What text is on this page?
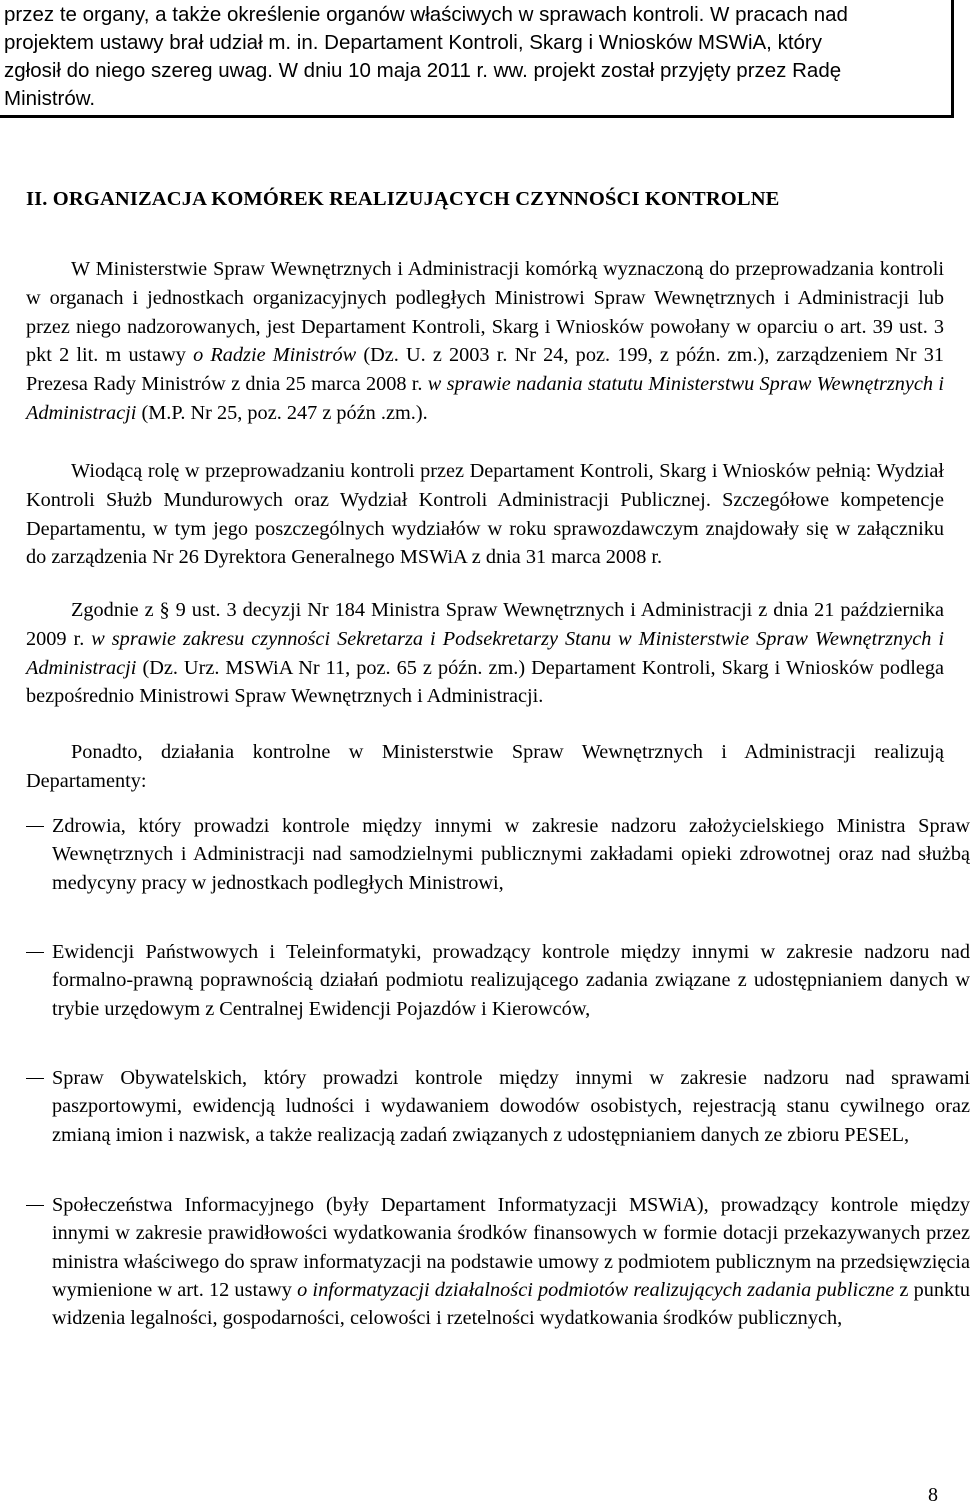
przez te organy, a także określenie organów właściwych w sprawach kontroli. W pracach nad
projektem ustawy brał udział m. in. Departament Kontroli, Skarg i Wniosków MSWiA, który
zgłosił do niego szereg uwag. W dniu 10 maja 2011 r. ww. projekt został przyjęty przez Radę
Ministrów.
II. ORGANIZACJA KOMÓREK REALIZUJĄCYCH CZYNNOŚCI KONTROLNE
W Ministerstwie Spraw Wewnętrznych i Administracji komórką wyznaczoną do przeprowadzania kontroli w organach i jednostkach organizacyjnych podległych Ministrowi Spraw Wewnętrznych i Administracji lub przez niego nadzorowanych, jest Departament Kontroli, Skarg i Wniosków powołany w oparciu o art. 39 ust. 3 pkt 2 lit. m ustawy o Radzie Ministrów (Dz. U. z 2003 r. Nr 24, poz. 199, z późn. zm.), zarządzeniem Nr 31 Prezesa Rady Ministrów z dnia 25 marca 2008 r. w sprawie nadania statutu Ministerstwu Spraw Wewnętrznych i Administracji (M.P. Nr 25, poz. 247 z późn .zm.).
Wiodącą rolę w przeprowadzaniu kontroli przez Departament Kontroli, Skarg i Wniosków pełnią: Wydział Kontroli Służb Mundurowych oraz Wydział Kontroli Administracji Publicznej. Szczegółowe kompetencje Departamentu, w tym jego poszczególnych wydziałów w roku sprawozdawczym znajdowały się w załączniku do zarządzenia Nr 26 Dyrektora Generalnego MSWiA z dnia 31 marca 2008 r.
Zgodnie z § 9 ust. 3 decyzji Nr 184 Ministra Spraw Wewnętrznych i Administracji z dnia 21 października 2009 r. w sprawie zakresu czynności Sekretarza i Podsekretarzy Stanu w Ministerstwie Spraw Wewnętrznych i Administracji (Dz. Urz. MSWiA Nr 11, poz. 65 z późn. zm.) Departament Kontroli, Skarg i Wniosków podlega bezpośrednio Ministrowi Spraw Wewnętrznych i Administracji.
Ponadto, działania kontrolne w Ministerstwie Spraw Wewnętrznych i Administracji realizują Departamenty:
Zdrowia, który prowadzi kontrole między innymi w zakresie nadzoru założycielskiego Ministra Spraw Wewnętrznych i Administracji nad samodzielnymi publicznymi zakładami opieki zdrowotnej oraz nad służbą medycyny pracy w jednostkach podległych Ministrowi,
Ewidencji Państwowych i Teleinformatyki, prowadzący kontrole między innymi w zakresie nadzoru nad formalno-prawną poprawnością działań podmiotu realizującego zadania związane z udostępnianiem danych w trybie urzędowym z Centralnej Ewidencji Pojazdów i Kierowców,
Spraw Obywatelskich, który prowadzi kontrole między innymi w zakresie nadzoru nad sprawami paszportowymi, ewidencją ludności i wydawaniem dowodów osobistych, rejestracją stanu cywilnego oraz zmianą imion i nazwisk, a także realizacją zadań związanych z udostępnianiem danych ze zbioru PESEL,
Społeczeństwa Informacyjnego (były Departament Informatyzacji MSWiA), prowadzący kontrole między innymi w zakresie prawidłowości wydatkowania środków finansowych w formie dotacji przekazywanych przez ministra właściwego do spraw informatyzacji na podstawie umowy z podmiotem publicznym na przedsięwzięcia wymienione w art. 12 ustawy o informatyzacji działalności podmiotów realizujących zadania publiczne z punktu widzenia legalności, gospodarności, celowości i rzetelności wydatkowania środków publicznych,
8
